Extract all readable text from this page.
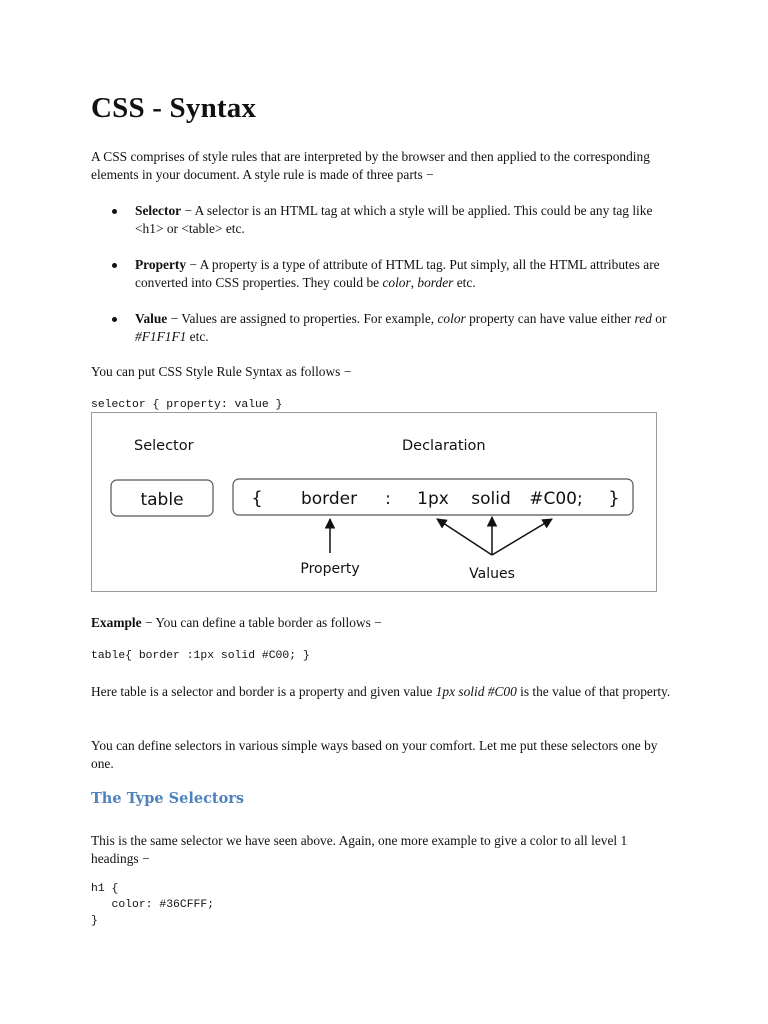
CSS - Syntax

A CSS comprises of style rules that are interpreted by the browser and then applied to the corresponding elements in your document. A style rule is made of three parts −

Selector − A selector is an HTML tag at which a style will be applied. This could be any tag like <h1> or <table> etc.
Property − A property is a type of attribute of HTML tag. Put simply, all the HTML attributes are converted into CSS properties. They could be color, border etc.
Value − Values are assigned to properties. For example, color property can have value either red or #F1F1F1 etc.

You can put CSS Style Rule Syntax as follows −

selector { property: value }
Selector	Declaration
table	{ border : 1px solid #C00; }
Property	Values

Example − You can define a table border as follows −

table{ border :1px solid #C00; }

Here table is a selector and border is a property and given value 1px solid #C00 is the value of that property.

You can define selectors in various simple ways based on your comfort. Let me put these selectors one by one.

The Type Selectors

This is the same selector we have seen above. Again, one more example to give a color to all level 1 headings −

h1 {
color: #36CFFF;
}
